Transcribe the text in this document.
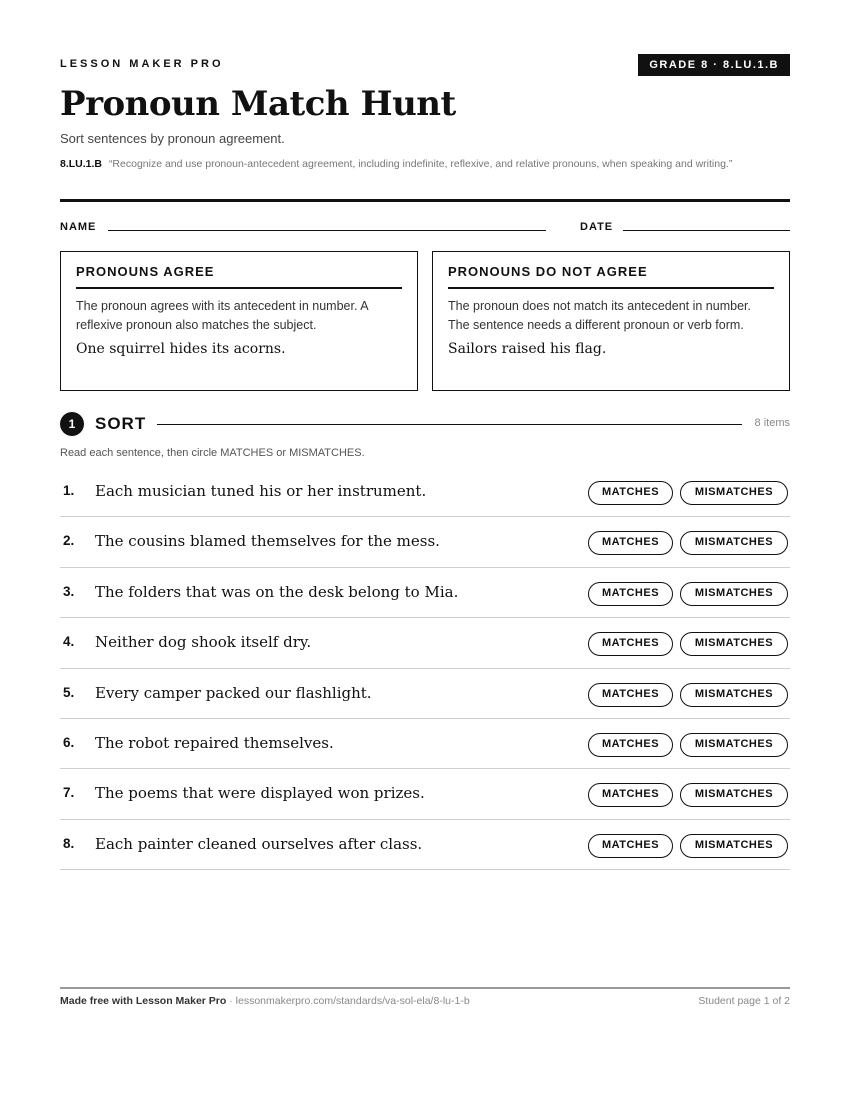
LESSON MAKER PRO	GRADE 8 · 8.LU.1.B
Pronoun Match Hunt
Sort sentences by pronoun agreement.
8.LU.1.B “Recognize and use pronoun-antecedent agreement, including indefinite, reflexive, and relative pronouns, when speaking and writing.”
NAME	DATE
PRONOUNS AGREE
The pronoun agrees with its antecedent in number. A reflexive pronoun also matches the subject.
One squirrel hides its acorns.
PRONOUNS DO NOT AGREE
The pronoun does not match its antecedent in number. The sentence needs a different pronoun or verb form.
Sailors raised his flag.
1	SORT	8 items
Read each sentence, then circle MATCHES or MISMATCHES.
1. Each musician tuned his or her instrument.	MATCHES	MISMATCHES
2. The cousins blamed themselves for the mess.	MATCHES	MISMATCHES
3. The folders that was on the desk belong to Mia.	MATCHES	MISMATCHES
4. Neither dog shook itself dry.	MATCHES	MISMATCHES
5. Every camper packed our flashlight.	MATCHES	MISMATCHES
6. The robot repaired themselves.	MATCHES	MISMATCHES
7. The poems that were displayed won prizes.	MATCHES	MISMATCHES
8. Each painter cleaned ourselves after class.	MATCHES	MISMATCHES
Made free with Lesson Maker Pro · lessonmakerpro.com/standards/va-sol-ela/8-lu-1-b	Student page 1 of 2
